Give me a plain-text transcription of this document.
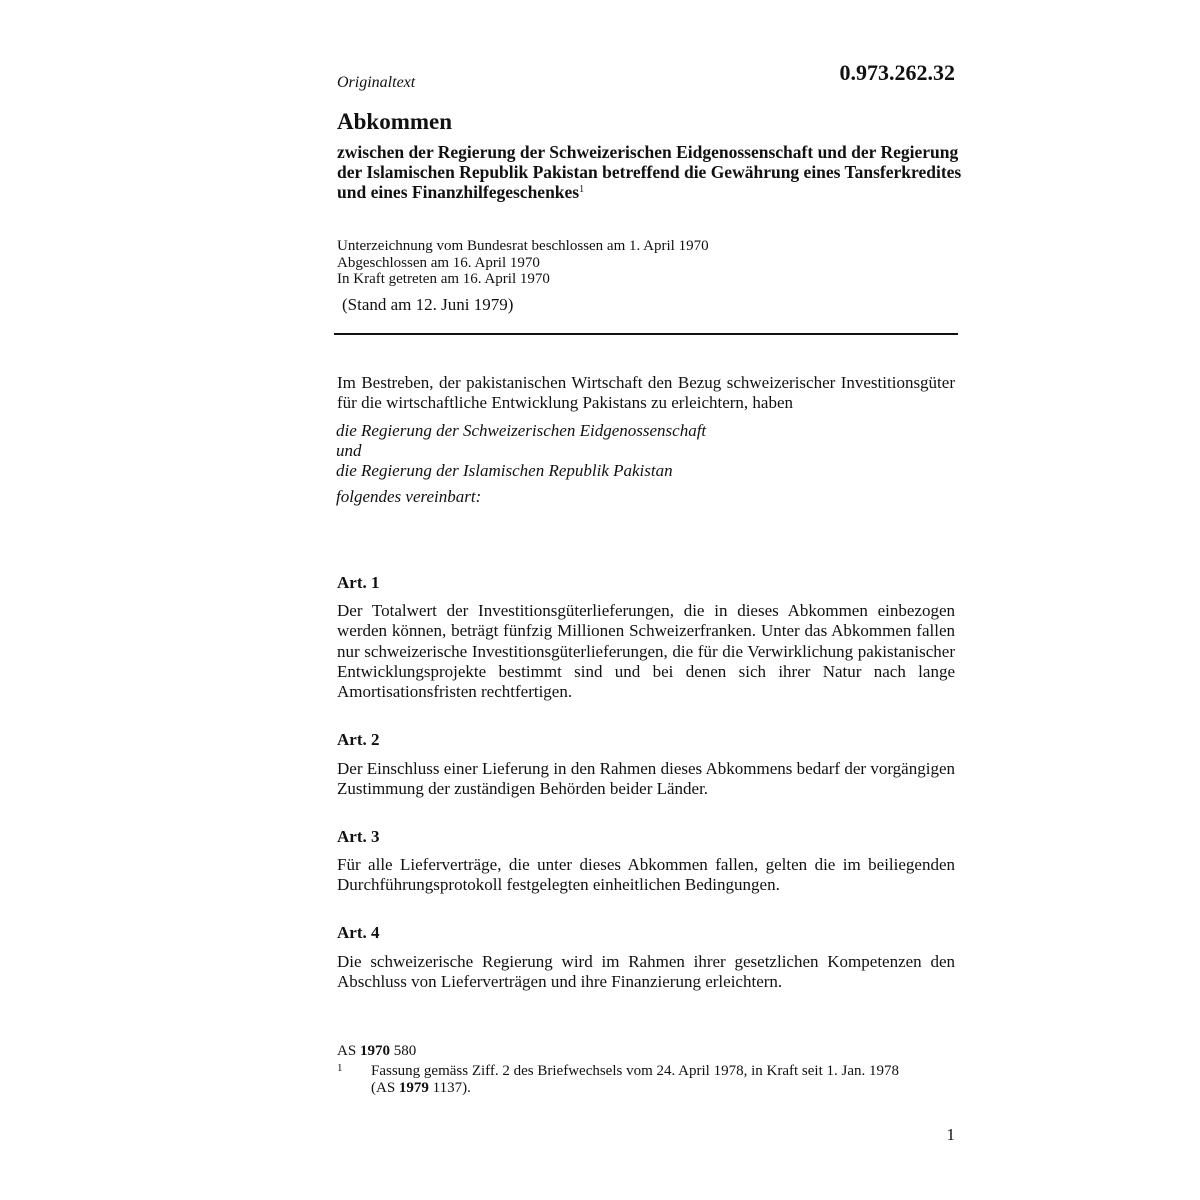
Originaltext	0.973.262.32
Abkommen
zwischen der Regierung der Schweizerischen Eidgenossenschaft und der Regierung der Islamischen Republik Pakistan betreffend die Gewährung eines Tansferkredites und eines Finanzhilfegeschenkes$^1$
Unterzeichnung vom Bundesrat beschlossen am 1. April 1970
Abgeschlossen am 16. April 1970
In Kraft getreten am 16. April 1970
(Stand am 12. Juni 1979)
Im Bestreben, der pakistanischen Wirtschaft den Bezug schweizerischer Investitionsgüter für die wirtschaftliche Entwicklung Pakistans zu erleichtern, haben
die Regierung der Schweizerischen Eidgenossenschaft
und
die Regierung der Islamischen Republik Pakistan
folgendes vereinbart:
Art. 1
Der Totalwert der Investitionsgüterlieferungen, die in dieses Abkommen einbezogen werden können, beträgt fünfzig Millionen Schweizerfranken. Unter das Abkommen fallen nur schweizerische Investitionsgüterlieferungen, die für die Verwirklichung pakistanischer Entwicklungsprojekte bestimmt sind und bei denen sich ihrer Natur nach lange Amortisationsfristen rechtfertigen.
Art. 2
Der Einschluss einer Lieferung in den Rahmen dieses Abkommens bedarf der vorgängigen Zustimmung der zuständigen Behörden beider Länder.
Art. 3
Für alle Lieferverträge, die unter dieses Abkommen fallen, gelten die im beiliegenden Durchführungsprotokoll festgelegten einheitlichen Bedingungen.
Art. 4
Die schweizerische Regierung wird im Rahmen ihrer gesetzlichen Kompetenzen den Abschluss von Lieferverträgen und ihre Finanzierung erleichtern.
AS 1970 580
1 Fassung gemäss Ziff. 2 des Briefwechsels vom 24. April 1978, in Kraft seit 1. Jan. 1978
(AS 1979 1137).
1
